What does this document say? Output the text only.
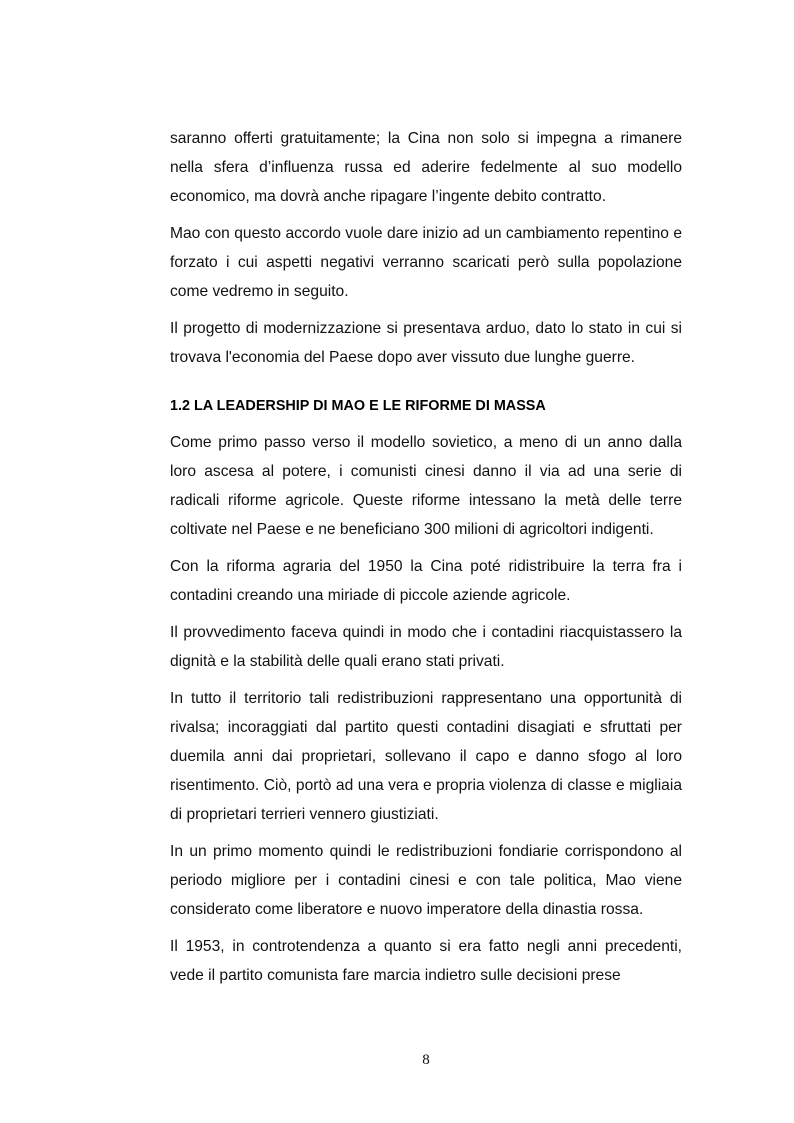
saranno offerti gratuitamente; la Cina non solo si impegna a rimanere nella sfera d’influenza russa ed aderire fedelmente al suo modello economico, ma dovrà anche ripagare l’ingente debito contratto.

Mao con questo accordo vuole dare inizio ad un cambiamento repentino e forzato i cui aspetti negativi verranno scaricati però sulla popolazione come vedremo in seguito.

Il progetto di modernizzazione si presentava arduo, dato lo stato in cui si trovava l'economia del Paese dopo aver vissuto due lunghe guerre.

1.2 LA LEADERSHIP DI MAO E LE RIFORME DI MASSA

Come primo passo verso il modello sovietico, a meno di un anno dalla loro ascesa al potere, i comunisti cinesi danno il via ad una serie di radicali riforme agricole. Queste riforme intessano la metà delle terre coltivate nel Paese e ne beneficiano 300 milioni di agricoltori indigenti.

Con la riforma agraria del 1950 la Cina poté ridistribuire la terra fra i contadini creando una miriade di piccole aziende agricole.

Il provvedimento faceva quindi in modo che i contadini riacquistassero la dignità e la stabilità delle quali erano stati privati.

In tutto il territorio tali redistribuzioni rappresentano una opportunità di rivalsa; incoraggiati dal partito questi contadini disagiati e sfruttati per duemila anni dai proprietari, sollevano il capo e danno sfogo al loro risentimento. Ciò, portò ad una vera e propria violenza di classe e migliaia di proprietari terrieri vennero giustiziati.

In un primo momento quindi le redistribuzioni fondiarie corrispondono al periodo migliore per i contadini cinesi e con tale politica, Mao viene considerato come liberatore e nuovo imperatore della dinastia rossa.

Il 1953, in controtendenza a quanto si era fatto negli anni precedenti, vede il partito comunista fare marcia indietro sulle decisioni prese

8
